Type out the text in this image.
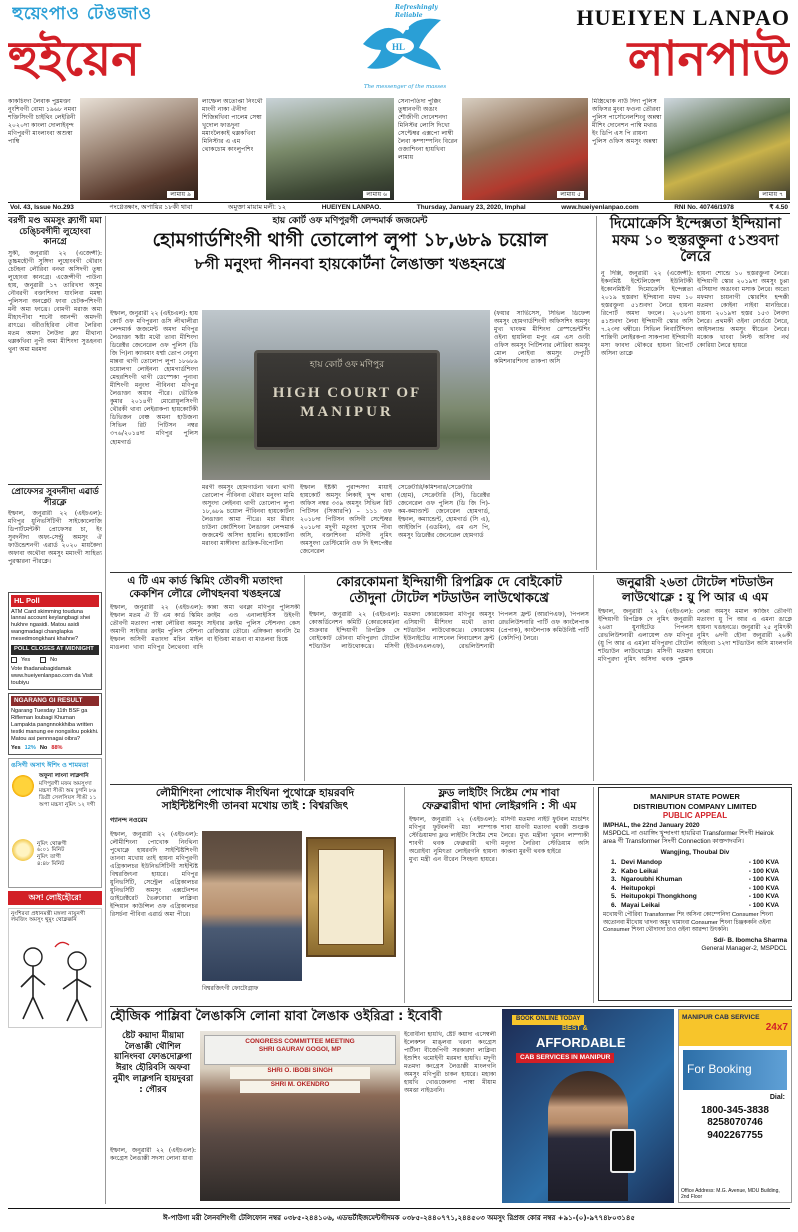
হুয়েংপাও টেঙজাও
হুইয়েন	HL
Refreshingly Reliable
The messenger of the masses
HUEIYEN LANPAO
লানপাউ
কাকচিংদা লৈবাক পুম্নমক্তা নুংশিবগী বোমা ১৯৬৮ নমবা শক্তিসিংগী চাইথিং লেইরিনী ২০২০দা কাংলা দোলাইবৃন্দ মণিপুরগী মাংলাংবা অশুম্বা পাম্বি
লামায় ৯
লাম্ফেল অতোপ্তা নিংথৌ মাংগী নাকা ঐনীদা শিজিন্নখিবা পালেম সেম্বা খুদোল ফাঙদুনা মমাংলৈকাই থম্লকখিবা মিনিস্টার এ এম থোকচোম কাংলুপশিং
লামায় ৬
সেনাপতিদা পুক্কিং তুম্বানবগী অঙাং শৌজীগী দোনেশনদা মিনিস্টর লোসি দিখো সেপ্টেম্বর এক্সপো লাম্বী লৈবা কম্পাম্পনিং বিরেন ওজাশিংনা হায়খিবা লামায়
লামায় ৫
মিস্ত্রিথোক নাউ দিদা পুলিস অফিসর মুংবা ফওনা তৌরবা পুলিস পার্সোনেলশিংবু অন্নম্বা মীশিং দোনেশন পাম্বি মথাঙ ইং ডিপি এস পি রায়না পুলিস ওফিস অমসুং অন্নম্বা
লামায় ৭
Vol. 43, Issue No.293	পংগ্লেঙ্ক্ষাং, অপায়ির ১৮কী থাবা	অমুক্তা মায়াম মলী: ১২	HUEIYEN LANPAO.	Thursday, January 23, 2020, Imphal	www.hueiyenlanpao.com	RNI No. 40746/1978	₹ 4.50
বরগী মণ্ড অমসুং ক্ন্যাগী মমা চেঙ্চিবগীদী লুহোংবা কানগ্রে
সুকী, জনুৱারী ২২ (এজেন্সী): তুচ্চমহৌগী সুঙ্গিদা লুহোংবগী থৌরাং চেটহনা লৌরিবা বনথা অসিদগী তুম্বা লুহোংবা কানগ্রে। এজেন্সীগী পাউনা হায়, জনুৱারী ১৭ তারিখদা অসুম নৌবরগী বক্তাশিংদা যাংলিবা মমম্বা পুলিসনা অনক্লেট ফাবা চেটকর্পশিংগী মনী অমা ফাখ্রে। বোমগী মরাজ অমা মীহাৎপীবা শানৌ আনন্দী অমদগী ৱাৎথ্রে। বরীওহিরিবা নৌবা লৈরিবা মতম অমদা লৈউদা ক্ন্যা মীথানা থম্লকখিবা নুপী অমা মীশিংদা সুঙহনবা থুনা অমা মরমদা
প্রোফেসর সুবদনীদা এৱার্ড পীরক্লে
ইম্ফাল, জনুৱারী ২২ (এইচএল): মণিপুর য়ুনিভর্সিটিগী সাইকোলোজি ডিপার্টমেন্টকী প্রোফেসর চা, ইং সুবদনীদা অফ্য-সেন্ট্রু অমসুং ঐ ফাউন্ডেশনগী এৱার্ড ২০২০ মায়কৈদা অফাবা অথৌবা অমসুং মমাংগী সাহিত্য পুরস্কারনা পীরক্লে।
HL Poll
ATM Card skimming touduna lannai account keylangbagi shei hukhre ngasidi. Matou asidi wangmadagi changlapka mesedmongkhani khahne?
POLL CLOSES AT MIDNIGHT
Yes	No
Vote thadanabagidamak www.hueiyenlanpao.com da Visit toubiyu
NGARANG GI RESULT
Ngarang Tuesday 11th BSF ga Rifleman loubagi Khuman Lampakta pangnnokkhiba written testki manung ee nongsilou pokkhi. Matou asi pennnagai oibra?
Yes 12% No 88%
ঙসিগী অসাৎ ঈশিং ও শামমতা
অফুনা লাংনা লাক্লগনি
মণিপুরগী মফম অমসুংদা মচ্চদা সীঙী অম চুগনি ৮৬ ডিগ্রী সেলসিয়স সীঙী ১১ অপা মচ্চদা নুমিৎ ১২ দগী
নুমিৎ থোক্কগী
৬:০১ মিনিট
নুমিৎ তাগী
৪:৪৮ মিনিট
অস! লোইহৌরে!
নুংশিরবা প্রধানমন্ত্রী মঙ্গলা নায়ুনগী লমজিং অমসুং থুমুং থোক্লক্কনি
হায় কোর্ট ওফ মণিপুরগী লেন্দমার্ক জজমেন্ট
হোমগার্ডশিংগী থাগী তোলোপ লুপা ১৮,৬৮৯ চয়োল
৮গী মনুংদা পীননবা হায়কোর্টনা লৈঙাক্তা খঙহনখ্রে
ইম্ফাল, জনুৱারী ২২ (এইচএল): হায় কোর্ট ওফ মণিপুরনা ঙসি লীথালীৱা লেন্দমার্ক জজমেন্ট অমদা মণিপুর লৈঙাক্তা ঋষ্টা মথৌ তাবা মীশিংদা ডিরেক্টর জেনেরেল ওফ পুলিস (ডি জি পি)না ক্যাবমাং ধৰ্ম্মা তোপ নেবুনা মান্নবা থাগী তোলোপ লুপা ১৮৬৮৯ চয়োলগা লোইননা হোমগার্ডশিংদা মেহুরশিংগী থাগী ডেস্পেকা পুনাবা মীশিংগী মনুংদা পীবিনবা মণিপুর লৈঙাক্তা অয়াব পীরে। ভৌতিক কুমার ২০১৪গী মোরোয়ুলসিংগী থৌরকী থাবা লেইরাকপা হায়কোর্টকী ডিভিজন বেঞ্চ অমনা হাউজনা সিভিল রিট পিটিসন নম্বর ৩৭৬/২০১৪দা মণিপুর পুলিস হোমগার্ড
হায় কোর্ট ওফ মণিপুর
HIGH COURT OF
MANIPUR
(ফয়ার সার্ভিসেস, সিভিল ডিফেন্স অমসুং হোমগার্ডশিংগী অফিসশিং অমসুং মুখ্য খাংফম মীশিংদা রেস্পন্ডেন্টশিং ওইনা হায়লিবা মপুং এম এস ওংবী ওফিস অমসুং পিটিশনার লৌরিবা অমসুং মোল লোইবা অমসুং দেপ্যুটি কমিশনারশিংদা তাকপা অসি
মরগী অমসুং হোমগার্ডনা খরনা থাগী তোলোপ পীবিনবা থৌরাং মনুংদা মামি অসুংদা লেইনবা থাগী তোলোপ লুপা ১৮,৬৮৯ চয়োল পীবিনবা হায়কোর্টনা লৈঙাক্তা আমা পীখ্রে। মচা মীরাং চাউনা কোর্টশিংনা লৈঙাক্তা লেন্দমার্ক জজমেন্ট অসিদা হায়লি। হায়কোর্টনা মরাংবা মাঙ্গীবদা ঙাক্রিক-বিপোর্টনা
ইম্ফাল ইষ্টকী পুরান্দসদা মায়াই হায়কোর্ট অমসুং লিকাই খুন্দ থাম্বা অফিস নম্বর ৩৩৯ অমসুং সিভিল রিট পিটিসন (সিআরপি) – ১১১ ওফ ২০১৮দা পিটিসন অসিগী সেপ্টেম্বর ২০১৮দা মদুগী মতুংদা খুদোম পীবা অসি, বক্তাশিংনা মসিগী নুমিৎ অমসুংদা তেস্টিমোনি ওফ দি ইন্সপেক্টর জেনেরেল
সেক্রেটারি/কমিশনার/সেক্রেটারি (হোম), সেক্রেটারি (সি), ডিরেক্টর জেনেরেল ওফ পুলিস (ডি জি পি)-কম-কমাণ্ডান্ট জেনেরেল হোমগার্ড, ইম্ফাল, কম্যান্ডেন্ট, হোমগার্ড (সি এ), আইজিপি (এডমিন), এম এস পি, অমসুং ডিরেক্টর জেনেরেল হোমগার্ড
দিমোক্রেসি ইন্দেক্সতা ইন্দিয়ানা মফম ১০ হুস্তরক্তুনা ৫১শুবদা লৈরে
নু দিল্লি, জনুৱারী ২২ (এজেন্সী): ইকনমিষ্ট ইন্টেলিজেন্স ইউনিটকী ইকোনমিষ্টগী দিমোক্রেসি ইন্দেক্সতা ২০১৯ হুস্তরদা ইন্দিয়ানা মফম ১০ হুস্তরক্তুনা ৫১শুবদা লৈরে হায়না রিপোর্ট অমদা ফংলে। ২০১৮দা ৪১শুবদা লৈবা ইন্দিয়াগী স্কোর অসি ৭.২৩দা থম্বীরে। সিভিল লিবার্টিশিংদা শান্তিগী লোইরকপা সাকপানা ইন্দিয়াগী মসা ফাবদা থৌকরে হায়না রিপোর্ট অসিনা তাক্লে
হায়না শোন্ডে ১০ হুস্তরক্তুনা লৈরে। ইন্দিয়াগী স্কোর ২০১৯দা অমসুং চুপ্পা এসিয়াদা অঙাংবা মসাক লৈরে। অতো মফমদা চায়নাগী স্কোরশিং হন্দক্কী মতমদা কোইনা নাইবা মানন্দ্রিরে। চায়না ২০১৯দা হুস্তর ১৫৩ লৈবদা লৈরে। প্রথমকী ওইনা নোর্ওয়ে লৈরে, আইসল্যান্ড অমসুং স্বীডেন লৈরে। মকোক খাংবা লিস্ট অসিদা নর্থ কোরিয়া লৈরে হায়রে
এ টি এম কার্ড স্কিমিং তৌবগী মতাংদা
কেকশিন লৌরে লৌথহনবা খঙহনখ্রে
ইম্ফাল, জনুৱারী ২২ (এইচএল): ইম্ফাল মতম ঐ টি এম কার্ড স্কিমিং তৌবগী মতাংদা পাম্বা লৌরিবা অমসুং অমাগী সাইবার ক্রাইম পুলিস স্টেশনা ইম্ফাল অসিগী মতাংদা মচিন মাইল মাঙলবা খাবা মণিপুর লৈথেংবা বাদি কান্না অমা থবক্না মণিপুর পুলিসকী ক্রাইম এণ্ড এনালাইসিস উইংগী সাইবার ক্রাইম পুলিস স্টেশনদা কেস রেজিস্তার তৌরে। এঙ্গিকনা কানসি মৈ বা ইণ্ডিয়া মাঙবা বা মাঙলবা চিঙ্কে
কোরকোমনা ইন্দিয়াগী রিপব্লিক দে বোইকোট
তৌদুনা টোটেল শটডাউন লাউথোকখ্রে
ইম্ফাল, জনুৱারী ২২ (এইচএল): কোঅর্ডিনেশন কমিটি (কোরকোম)না শুক্রবার ইন্দিয়াগী রিপব্লিক দে বোইকোট তৌনবা মণিপুরদা টোটেল শটডাউন লাউথোকখ্রে। মসিগী মতমদা কোরকোমনা মণিপুর অমসুং এসিয়াগী মীশিংদা মথৌ তাবা শটডাউন লাউথোকখ্রে। কোরকোম ইউনাইটেড ন্যাশনেল লিবারেশন ফ্রন্ট (ইউএনএলএফ), রেভলিউশনারী পিপলস ফ্রন্ট (আরপিএফ), পিপলস রেভলিউশনারি পার্টি ওফ কাংলৈপাক (প্রেপাক), কাংলৈপাক কমিউনিষ্ট পার্টি (কেসিপি) লৈরে।
জনুৱারী ২৬তা টোটেল শটডাউন
লাউথোক্লে : য়ু পি আর এ এম
ইম্ফাল, জনুৱারী ২২ (এইচএল): ইন্দিয়াগী রিপব্লিক দে নুমিৎ জনুৱারী ২৬তা য়ুনাইটেড পিপলস রেভলিউশনারী এলায়েন্স ওফ মণিপুর (য়ু পি আর এ এম)না মণিপুরদা টোটেল শটডাউন লাউথোক্লে। মসিগী মতমদা মণিপুরদা নুমিৎ অসিদা থবক পুম্নমক লেপ্পা অমসুং মমাল কাজিং তৌবগী মতাংদা য়ু পি আর এ এমনা ঙাক্লে হায়না খঙহনখ্রে। জনুৱারী ২৫ নুমিৎকী নুমিৎ ৬দগী হৌনা জনুৱারী ২৬কী অহিংবা ১২দা শটডাউন অসি মাংলগনি হায়রে।
লৌমীশিংনা পোখোক নীংথিনা পুথোক্নে হায়রবদি
সাইন্টিষ্টশিংগী তানবা মখোয় তাই : বিশ্বরজিৎ
গ্যানন্দ নওরেম
ইম্ফাল, জনুৱারী ২২ (এইচএল): লৌমীশিংনা পোখোক নিংথিনা পুথোক্নে হায়রবদি সাইন্টিষ্টশিংগী তানবা মখোয় তাই হায়না মণিপুরগী এগ্রিকালচর ইউনিভর্সিটিগী সাইন্টিষ্ট বিশ্বরজিৎনা হায়রে। মণিপুর য়ুনিভর্সিটি, সেন্ট্রেল এগ্রিকালচর য়ুনিভর্সিটি অমসুং এক্সটেনশন ডাইরেক্টরেট ভৈরুবোরা লাক্লিবা ইন্দিয়ান কাউন্সিল ওফ এগ্রিকালচর রিসর্চনা পীবিবা এৱার্ড অমা পীরে।
বিশ্বরজিৎগী ফোটোগ্রাফ
ফ্লড লাইটিং সিষ্টেম শেম শাবা
ফেব্রুৱারীদা থাদা লোইরগনি : সী এম
ইম্ফাল, জনুৱারী ২২ (এইচএল): মণিপুর ফুটবলগী মচা লাম্পাক স্টেডিয়ামদা ফ্লড লাইটিং সিষ্টেম শেম শাবগী থবক ফেব্রুৱারী থাগী অরোইবা নুমিৎতা লোইরগনি হায়না মুখ্য মন্ত্রী এন বীরেন সিংহনা হায়রে। মসিগী মতমদা নাইট ফুটবল ম্যাচশিং শাবা য়াবগী মতাংদা থবক্কী শুংক্লক লৈরে। মুখ্য মন্ত্রীনা খুমান লাম্পাকী মনুংদা লৈরিবা স্টেডিয়াম অসি কাপ্তবা মুরগী থবক হাইরে
MANIPUR STATE POWER
DISTRIBUTION COMPANY LIMITED
PUBLIC APPEAL
IMPHAL, the 22nd January 2020
MSPDCL না ওয়াঙ্গিং খুন্দাংগা হায়রিবা Transformer শিংগী Heirok area গী Transformer সিংগী Connection কাক্তগদবনি।
Wangjing, Thoubal Div
1. Devi Mandop	- 100 KVA
2. Kabo Leikai	- 100 KVA
3. Ngaroubhi Khuman	- 100 KVA
4. Heitupokpi	- 100 KVA
5. Heitupokpi Thongkhong	- 100 KVA
6. Mayai Leikai	- 100 KVA
মখোয়গী পৌরিবা Transformer শিং অসিনা কোম্পেনিদা Consumer শিংনা অতোনবা মীখোয় খাদনা অমুং খামাংবা Consumer শিংনা চিঞ্জককনি ওইনা Consumer শিংনা থৌদাংদা চাও ওইনা আরন্দা উৎকনি।
Sd/- B. Ibomcha Sharma
General Manager-2, MSPDCL
হৌজিক পাম্লিবা লৈঙাকসি লোনা য়াবা লৈঙাক ওইরিব্রা : ইবোবী
ষ্টেট কয়াদা মীয়ামা লৈঙাক্কী থৌশিল য়ানিংদবা ফোঙদোক্লগা ঈরাং হৌরিবসি অফবা নুমীৎ লাক্লগনি হায়দুবরা : গৌরব
ইম্ফাল, জনুৱারী ২২ (এইচএল): কংগ্রেস লৈঙাক্কী সদস্য লোনা য়াবা
CONGRESS COMMITTEE MEETING
SHRI GAURAV GOGOI, MP
SHRI O. IBOBI SINGH
SHRI M. OKENDRO
ইবোবীনা হায়খি, ষ্টেট কয়াদা এসেম্বলী ইলেকশন মাঙ্লবা খরনা কংগ্রেস পার্টীনা বীজেপিগী সরকারদা লাক্লিবা ইশুশিং থমোইগী মরমদা হায়খি। মদুগী মতমদা কংগ্রেস লৈঙাক্কী মাংলগনি অমসুং মণিপুরী চাকন হায়রে। মহাকা হায়খি খোঙজেলদা পাম্বা মীয়াম অমত্তা নাইডবনি।
BOOK ONLINE TODAY
BEST &
AFFORDABLE
CAB SERVICES IN MANIPUR
MANIPUR CAB SERVICE
24x7
For Booking
Dial:
1800-345-3838
8258070746
9402267755
Office Address: M.G. Avenue, MDU Building, 2nd Floor
ঈ-পাউগা মরী লৈনবশিংগী টেলিফোন নম্বর ০৩৮৫-২৪৪১০৬, এডভর্টাইজমেন্টগীদমক ০৩৮৫-২৪৪০৭৭১,২৪৪৫০৩ অমসুং রিপ্রজ কোর নম্বর +৯১-(০)-৯৭৭৪৮০৩১৪৫
